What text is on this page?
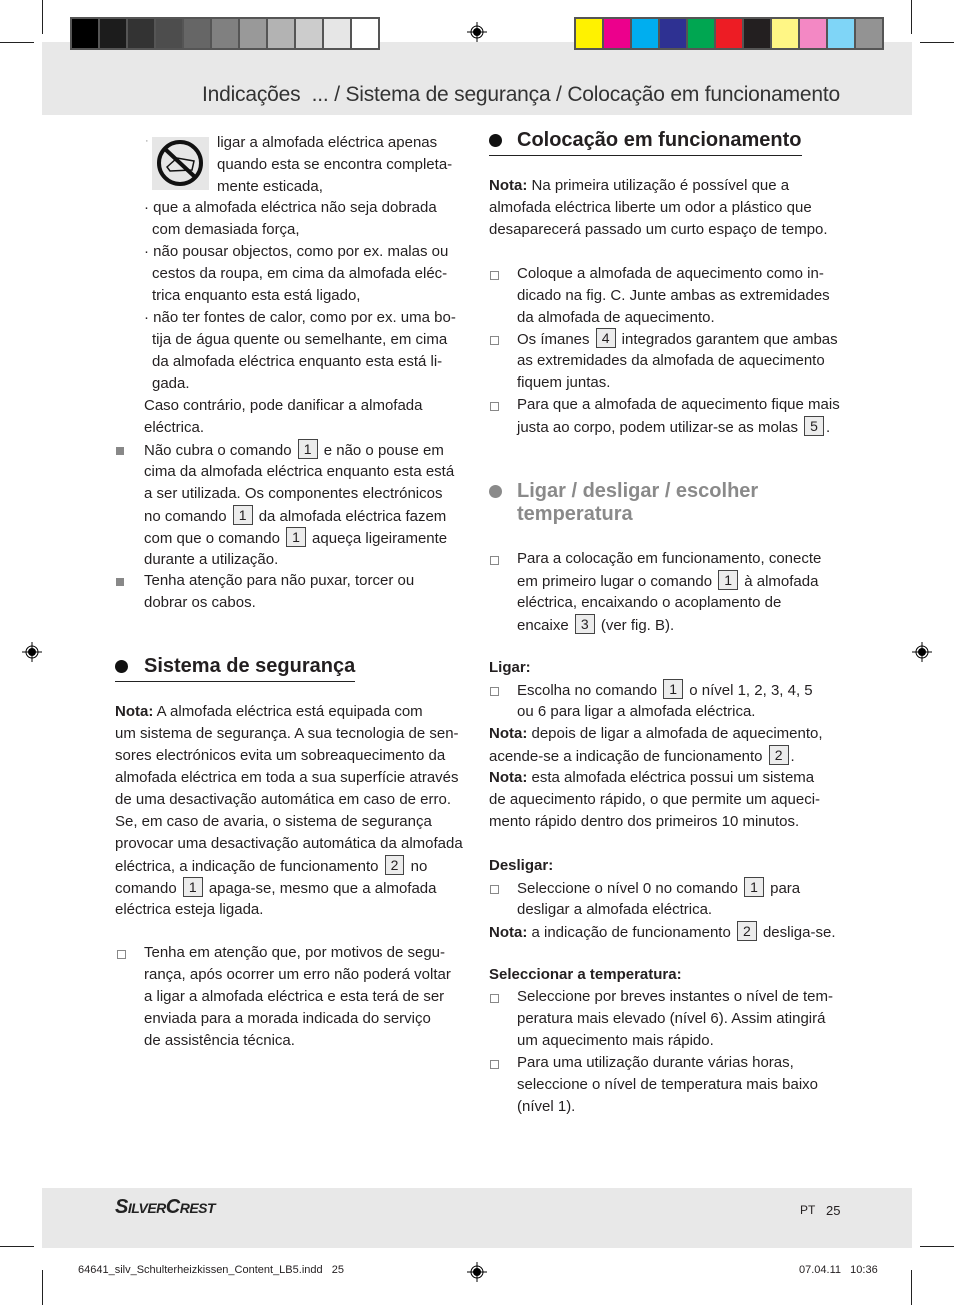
Indicações  ... / Sistema de segurança / Colocação em funcionamento
·	ligar a almofada eléctrica apenas
quando esta se encontra completa-
mente esticada,
· que a almofada eléctrica não seja dobrada
com demasiada força,
· não pousar objectos, como por ex. malas ou
cestos da roupa, em cima da almofada eléc-
trica enquanto esta está ligado,
· não ter fontes de calor, como por ex. uma bo-
tija de água quente ou semelhante, em cima
da almofada eléctrica enquanto esta está li-
gada.
Caso contrário, pode danificar a almofada
eléctrica.
Não cubra o comando 1 e não o pouse em
cima da almofada eléctrica enquanto esta está
a ser utilizada. Os componentes electrónicos
no comando 1 da almofada eléctrica fazem
com que o comando 1 aqueça ligeiramente
durante a utilização.
Tenha atenção para não puxar, torcer ou
dobrar os cabos.
Sistema de segurança
Nota: A almofada eléctrica está equipada com
um sistema de segurança. A sua tecnologia de sen-
sores electrónicos evita um sobreaquecimento da
almofada eléctrica em toda a sua superfície através
de uma desactivação automática em caso de erro.
Se, em caso de avaria, o sistema de segurança
provocar uma desactivação automática da almofada
eléctrica, a indicação de funcionamento 2 no
comando 1 apaga-se, mesmo que a almofada
eléctrica esteja ligada.
Tenha em atenção que, por motivos de segu-
rança, após ocorrer um erro não poderá voltar
a ligar a almofada eléctrica e esta terá de ser
enviada para a morada indicada do serviço
de assistência técnica.
Colocação em funcionamento
Nota: Na primeira utilização é possível que a
almofada eléctrica liberte um odor a plástico que
desaparecerá passado um curto espaço de tempo.
Coloque a almofada de aquecimento como in-
dicado na fig. C. Junte ambas as extremidades
da almofada de aquecimento.
Os ímanes 4 integrados garantem que ambas
as extremidades da almofada de aquecimento
fiquem juntas.
Para que a almofada de aquecimento fique mais
justa ao corpo, podem utilizar-se as molas 5 .
Ligar / desligar / escolher
temperatura
Para a colocação em funcionamento, conecte
em primeiro lugar o comando 1 à almofada
eléctrica, encaixando o acoplamento de
encaixe 3 (ver fig. B).
Ligar:
Escolha no comando 1 o nível 1, 2, 3, 4, 5
ou 6 para ligar a almofada eléctrica.
Nota: depois de ligar a almofada de aquecimento,
acende-se a indicação de funcionamento 2 .
Nota: esta almofada eléctrica possui um sistema
de aquecimento rápido, o que permite um aqueci-
mento rápido dentro dos primeiros 10 minutos.
Desligar:
Seleccione o nível 0 no comando 1 para
desligar a almofada eléctrica.
Nota: a indicação de funcionamento 2 desliga-se.
Seleccionar a temperatura:
Seleccione por breves instantes o nível de tem-
peratura mais elevado (nível 6). Assim atingirá
um aquecimento mais rápido.
Para uma utilização durante várias horas,
seleccione o nível de temperatura mais baixo
(nível 1).
SilverCrest	PT 25
64641_silv_Schulterheizkissen_Content_LB5.indd   25	07.04.11   10:36
